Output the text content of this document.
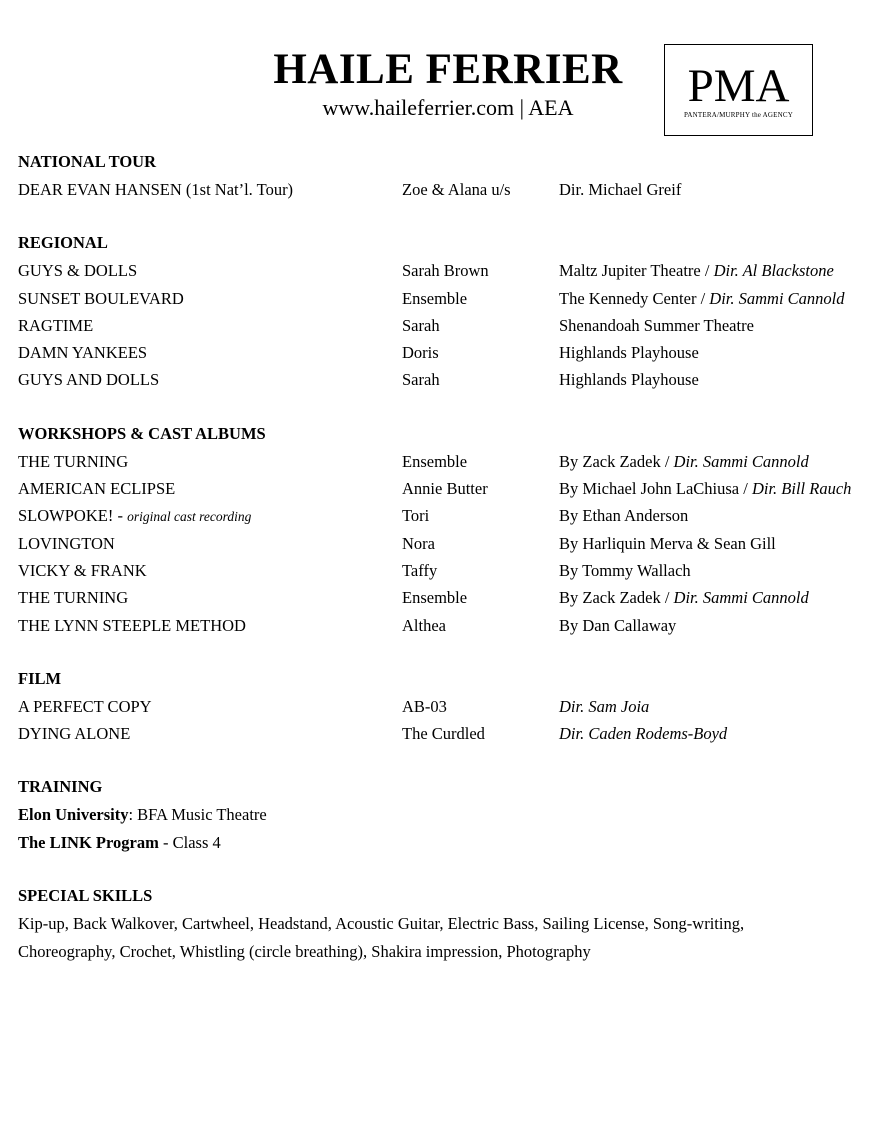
HAILE FERRIER
www.haileferrier.com | AEA	PMA
PANTERA/MURPHY the AGENCY
NATIONAL TOUR
DEAR EVAN HANSEN (1st Nat’l. Tour)	Zoe & Alana u/s	Dir. Michael Greif
REGIONAL
GUYS & DOLLS	Sarah Brown	Maltz Jupiter Theatre / Dir. Al Blackstone
SUNSET BOULEVARD	Ensemble	The Kennedy Center / Dir. Sammi Cannold
RAGTIME	Sarah	Shenandoah Summer Theatre
DAMN YANKEES	Doris	Highlands Playhouse
GUYS AND DOLLS	Sarah	Highlands Playhouse
WORKSHOPS & CAST ALBUMS
THE TURNING	Ensemble	By Zack Zadek / Dir. Sammi Cannold
AMERICAN ECLIPSE	Annie Butter	By Michael John LaChiusa / Dir. Bill Rauch
SLOWPOKE! - original cast recording	Tori	By Ethan Anderson
LOVINGTON	Nora	By Harliquin Merva & Sean Gill
VICKY & FRANK	Taffy	By Tommy Wallach
THE TURNING	Ensemble	By Zack Zadek / Dir. Sammi Cannold
THE LYNN STEEPLE METHOD	Althea	By Dan Callaway
FILM
A PERFECT COPY	AB-03	Dir. Sam Joia
DYING ALONE	The Curdled	Dir. Caden Rodems-Boyd
TRAINING
Elon University: BFA Music Theatre
The LINK Program - Class 4
SPECIAL SKILLS
Kip-up, Back Walkover, Cartwheel, Headstand, Acoustic Guitar, Electric Bass, Sailing License, Song-writing,
Choreography, Crochet, Whistling (circle breathing), Shakira impression, Photography
